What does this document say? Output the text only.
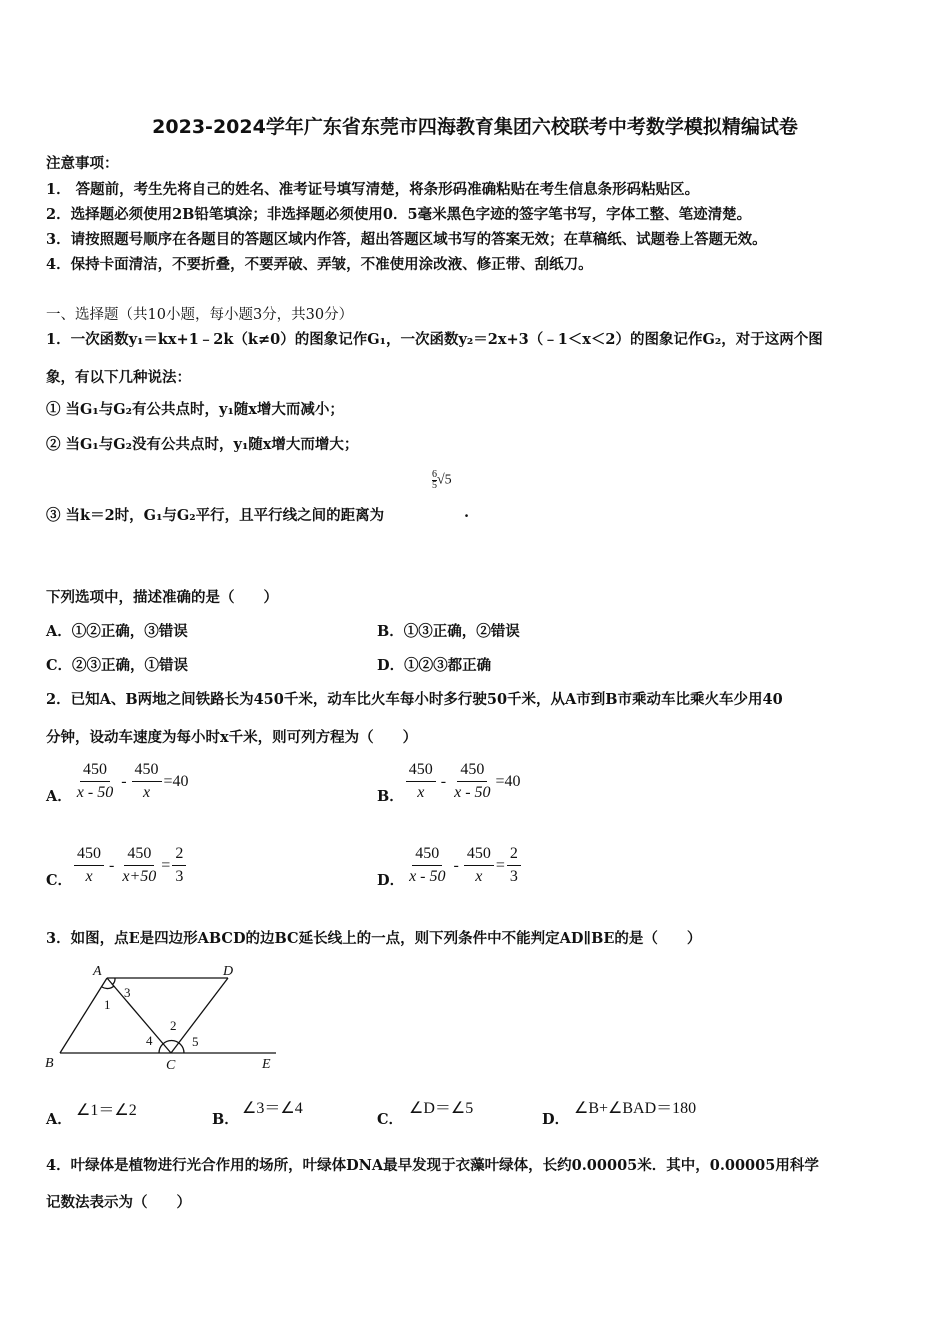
2023-2024学年广东省东莞市四海教育集团六校联考中考数学模拟精编试卷
注意事项：
1． 答题前，考生先将自己的姓名、准考证号填写清楚，将条形码准确粘贴在考生信息条形码粘贴区。
2．选择题必须使用2B铅笔填涂；非选择题必须使用0．5毫米黑色字迹的签字笔书写，字体工整、笔迹清楚。
3．请按照题号顺序在各题目的答题区域内作答，超出答题区域书写的答案无效；在草稿纸、试题卷上答题无效。
4．保持卡面清洁，不要折叠，不要弄破、弄皱，不准使用涂改液、修正带、刮纸刀。
一、选择题（共10小题，每小题3分，共30分）
1．一次函数y₁＝kx+1﹣2k（k≠0）的图象记作G₁，一次函数y₂＝2x+3（﹣1＜x＜2）的图象记作G₂，对于这两个图
象，有以下几种说法：
① 当G₁与G₂有公共点时，y₁随x增大而减小；
② 当G₁与G₂没有公共点时，y₁随x增大而增大；
$\frac{6}{5} √5$
③ 当k＝2时，G₁与G₂平行，且平行线之间的距离为	.
下列选项中，描述准确的是（　　）
A．①②正确，③错误	B．①③正确，②错误
C．②③正确，①错误	D．①②③都正确
2．已知A、B两地之间铁路长为450千米，动车比火车每小时多行驶50千米，从A市到B市乘动车比乘火车少用40
分钟，设动车速度为每小时x千米，则可列方程为（　　）
A． $\frac{450}{x - 50} - \frac{450}{x} =40$
B． $\frac{450}{x} - \frac{450}{x - 50} =40$
C． $\frac{450}{x} - \frac{450}{x+50} = \frac{2}{3}$	D． $\frac{450}{x - 50} - \frac{450}{x} = \frac{2}{3}$
3．如图，点E是四边形ABCD的边BC延长线上的一点，则下列条件中不能判定AD∥BE的是（　　）
A	D
B	C	E
1
2
3
4	5
A．
∠1＝∠2
B．
∠3＝∠4
C．
∠D＝∠5
D．
∠B+∠BAD＝180
4．叶绿体是植物进行光合作用的场所，叶绿体DNA最早发现于衣藻叶绿体，长约0.00005米．其中，0.00005用科学
记数法表示为（　　）
